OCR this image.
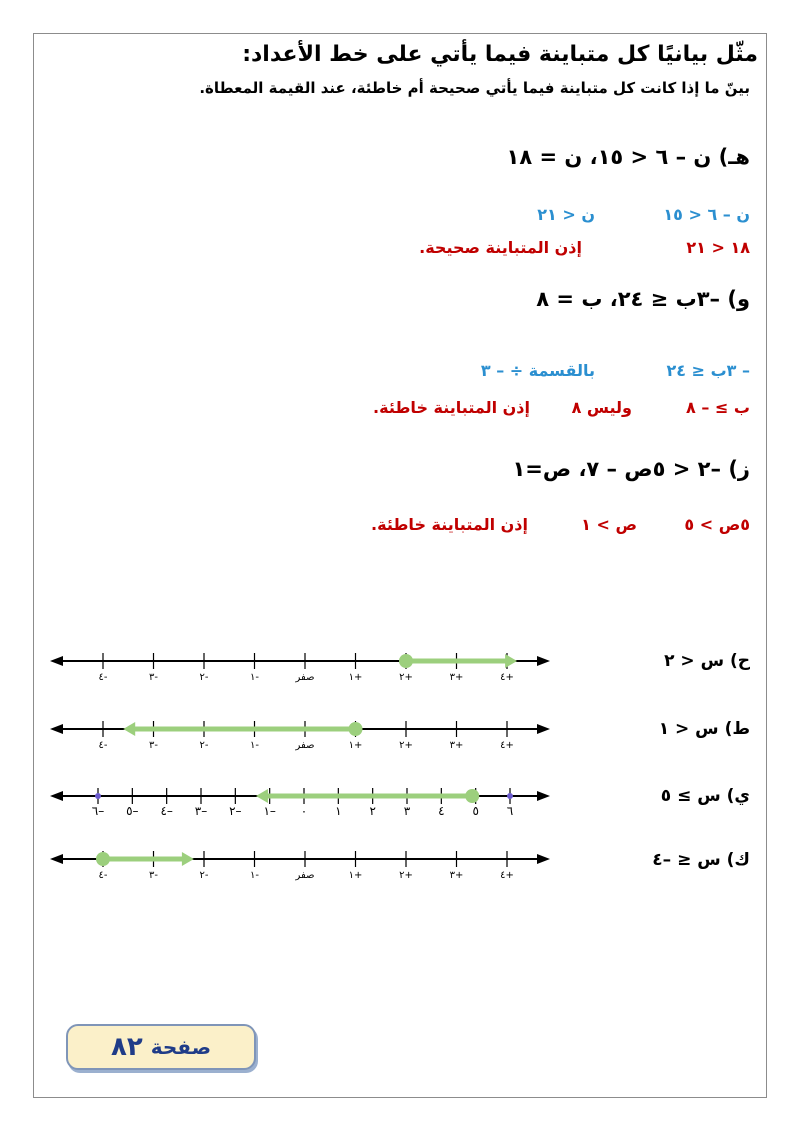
مثّل بيانيًا كل متباينة فيما يأتي على خط الأعداد:
بينّ ما إذا كانت كل متباينة فيما يأتي صحيحة أم خاطئة، عند القيمة المعطاة.
هـ) ن – ٦ < ١٥، ن = ١٨
ن – ٦ < ١٥
ن < ٢١
١٨ < ٢١
إذن المتباينة صحيحة.
و) –٣ب ≤ ٢٤، ب = ٨
– ٣ب ≤ ٢٤
بالقسمة ÷ – ٣
ب ≥ – ٨
وليس ٨
إذن المتباينة خاطئة.
ز) –٢ < ٥ص – ٧، ص=١
٥ص > ٥
ص > ١
إذن المتباينة خاطئة.
ح) س < ٢
ط) س < ١
ي) س ≥ ٥
ك) س ≤ –٤
٤-	٣-	٢-	١-	صفر	١+	٢+	٣+	٤+
٤-	٣-	٢-	١-	صفر	١+	٢+	٣+	٤+
٦– ٥– ٤– ٣– ٢– ١– ٠ ١ ٢ ٣ ٤ ٥ ٦
٤-	٣-	٢-	١-	صفر	١+	٢+	٣+	٤+
صفحة
٨٢
